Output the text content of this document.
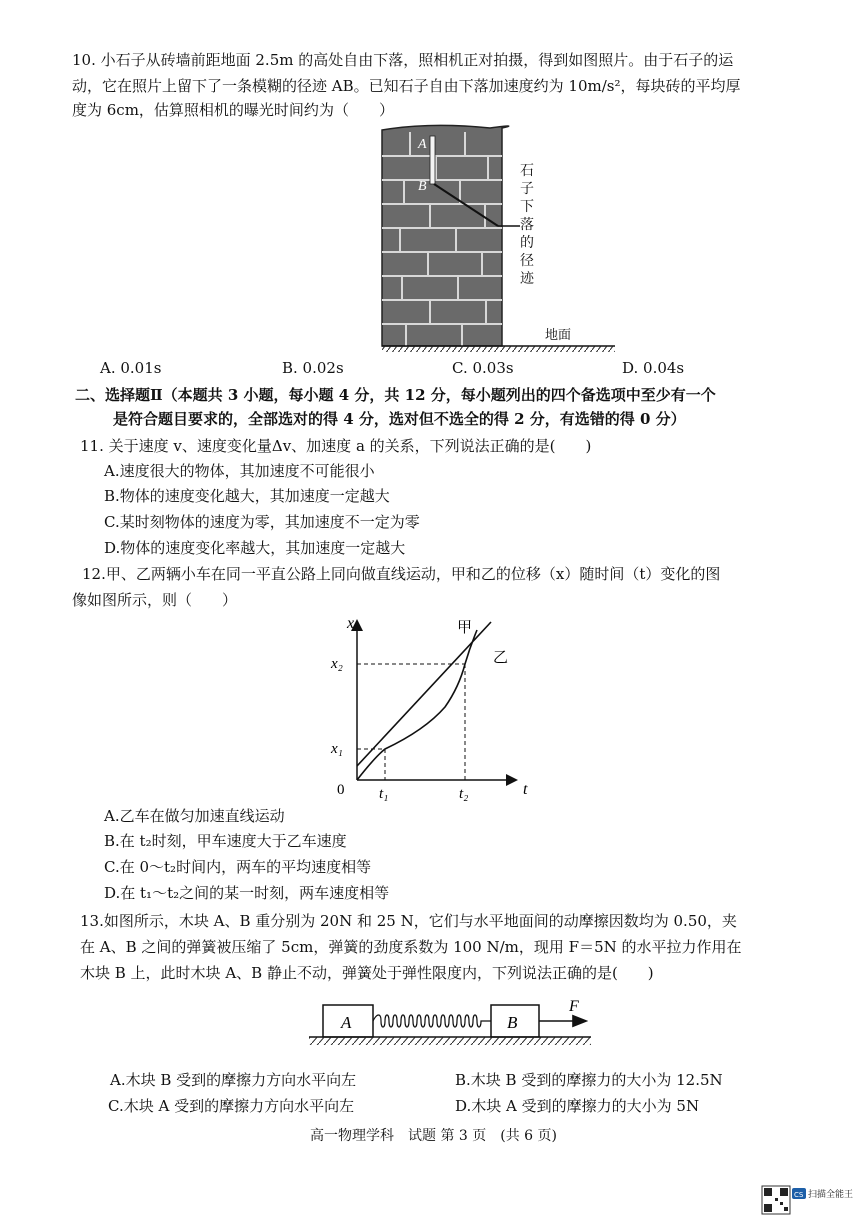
10. 小石子从砖墙前距地面 2.5m 的高处自由下落，照相机正对拍摄，得到如图照片。由于石子的运
动，它在照片上留下了一条模糊的径迹 AB。已知石子自由下落加速度约为 10m/s²，每块砖的平均厚
度为 6cm，估算照相机的曝光时间约为（　　）
A
B
石子下落的径迹
地面
A. 0.01s	B. 0.02s	C. 0.03s	D. 0.04s
二、选择题Ⅱ（本题共 3 小题，每小题 4 分，共 12 分，每小题列出的四个备选项中至少有一个
是符合题目要求的，全部选对的得 4 分，选对但不选全的得 2 分，有选错的得 0 分）
11. 关于速度 v、速度变化量Δv、加速度 a 的关系，下列说法正确的是(　　)
A.速度很大的物体，其加速度不可能很小
B.物体的速度变化越大，其加速度一定越大
C.某时刻物体的速度为零，其加速度不一定为零
D.物体的速度变化率越大，其加速度一定越大
12.甲、乙两辆小车在同一平直公路上同向做直线运动，甲和乙的位移（x）随时间（t）变化的图
像如图所示，则（　　）
x
t
0 t₁	t₂
x₁
x₂
甲
乙
A.乙车在做匀加速直线运动
B.在 t₂时刻，甲车速度大于乙车速度
C.在 0～t₂时间内，两车的平均速度相等
D.在 t₁～t₂之间的某一时刻，两车速度相等
13.如图所示，木块 A、B 重分别为 20N 和 25 N，它们与水平地面间的动摩擦因数均为 0.50，夹
在 A、B 之间的弹簧被压缩了 5cm，弹簧的劲度系数为 100 N/m，现用 F＝5N 的水平拉力作用在
木块 B 上，此时木块 A、B 静止不动，弹簧处于弹性限度内，下列说法正确的是(　　)
A	B
F
A.木块 B 受到的摩擦力方向水平向左	B.木块 B 受到的摩擦力的大小为 12.5N
C.木块 A 受到的摩擦力方向水平向左	D.木块 A 受到的摩擦力的大小为 5N
高一物理学科　试题 第 3 页　(共 6 页)
CS 扫描全能王
